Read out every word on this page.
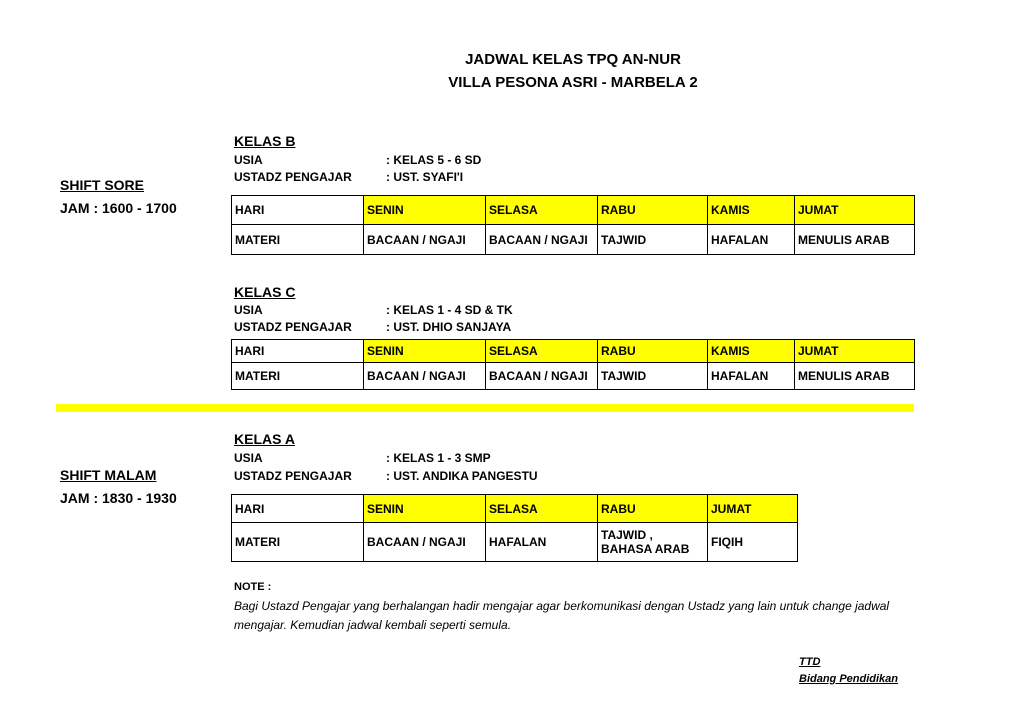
JADWAL KELAS TPQ AN-NUR
VILLA PESONA ASRI - MARBELA 2
SHIFT SORE
JAM : 1600 - 1700
KELAS B
USIA	: KELAS 5 - 6 SD
USTADZ PENGAJAR	: UST. SYAFI'I
HARI	SENIN	SELASA	RABU	KAMIS	JUMAT
MATERI	BACAAN / NGAJI	BACAAN / NGAJI	TAJWID	HAFALAN	MENULIS ARAB
KELAS C
USIA	: KELAS 1 - 4 SD & TK
USTADZ PENGAJAR	: UST. DHIO SANJAYA
HARI	SENIN	SELASA	RABU	KAMIS	JUMAT
MATERI	BACAAN / NGAJI	BACAAN / NGAJI	TAJWID	HAFALAN	MENULIS ARAB
SHIFT MALAM
JAM : 1830 - 1930
KELAS A
USIA	: KELAS 1 - 3 SMP
USTADZ PENGAJAR	: UST. ANDIKA PANGESTU
HARI	SENIN	SELASA	RABU	JUMAT
MATERI	BACAAN / NGAJI	HAFALAN	TAJWID , BAHASA ARAB	FIQIH
NOTE :
Bagi Ustazd Pengajar yang berhalangan hadir mengajar agar berkomunikasi dengan Ustadz yang lain untuk change jadwal mengajar. Kemudian jadwal kembali seperti semula.
TTD
Bidang Pendidikan
